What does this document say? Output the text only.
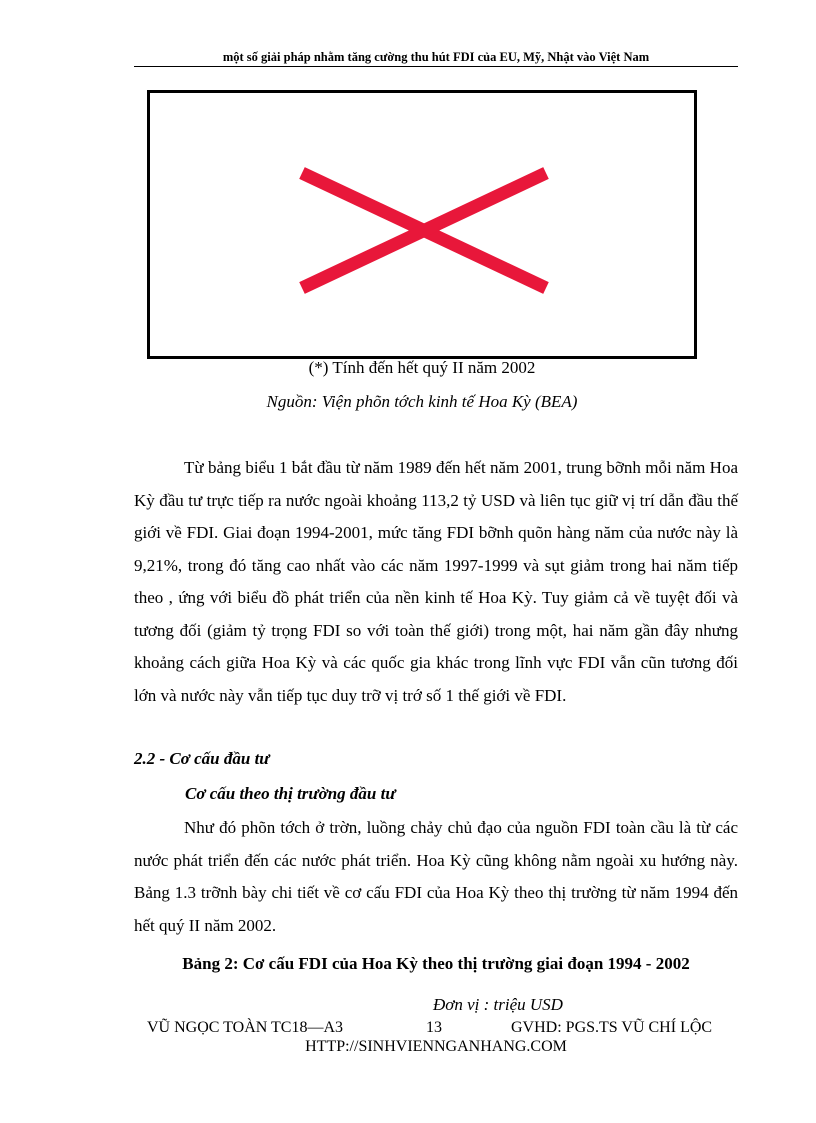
một số giải pháp nhằm tăng cường thu hút FDI của EU, Mỹ, Nhật vào Việt Nam
(*) Tính đến hết quý II năm 2002
Nguồn: Viện phõn tớch kinh tế Hoa Kỳ (BEA)

Từ bảng biểu 1 bắt đầu từ năm 1989 đến hết năm 2001, trung bỡnh mỗi năm Hoa Kỳ đầu tư trực tiếp ra nước ngoài khoảng 113,2 tỷ USD và liên tục giữ vị trí dẫn đầu thế giới về FDI. Giai đoạn 1994-2001, mức tăng FDI bỡnh quõn hàng năm của nước này là 9,21%, trong đó tăng cao nhất vào các năm 1997-1999 và sụt giảm trong hai năm tiếp theo , ứng với biểu đồ phát triển của nền kinh tế Hoa Kỳ. Tuy giảm cả về tuyệt đối và tương đối (giảm tỷ trọng FDI so với toàn thế giới) trong một, hai năm gần đây nhưng khoảng cách giữa Hoa Kỳ và các quốc gia khác trong lĩnh vực FDI vẫn cũn tương đối lớn và nước này vẫn tiếp tục duy trỡ vị trớ số 1 thế giới về FDI.

2.2 - Cơ cấu đầu tư
Cơ cấu theo thị trường đầu tư

Như đó phõn tớch ở trờn, luồng chảy chủ đạo của nguồn FDI toàn cầu là từ các nước phát triển đến các nước phát triển. Hoa Kỳ cũng không nằm ngoài xu hướng này. Bảng 1.3 trỡnh bày chi tiết về cơ cấu FDI của Hoa Kỳ theo thị trường từ năm 1994 đến hết quý II năm 2002.

Bảng 2: Cơ cấu FDI của Hoa Kỳ theo thị trường giai đoạn 1994 - 2002
Đơn vị : triệu USD
VŨ NGỌC TOÀN TC18—A3	13	GVHD: PGS.TS VŨ CHÍ LỘC
HTTP://SINHVIENNGANHANG.COM
